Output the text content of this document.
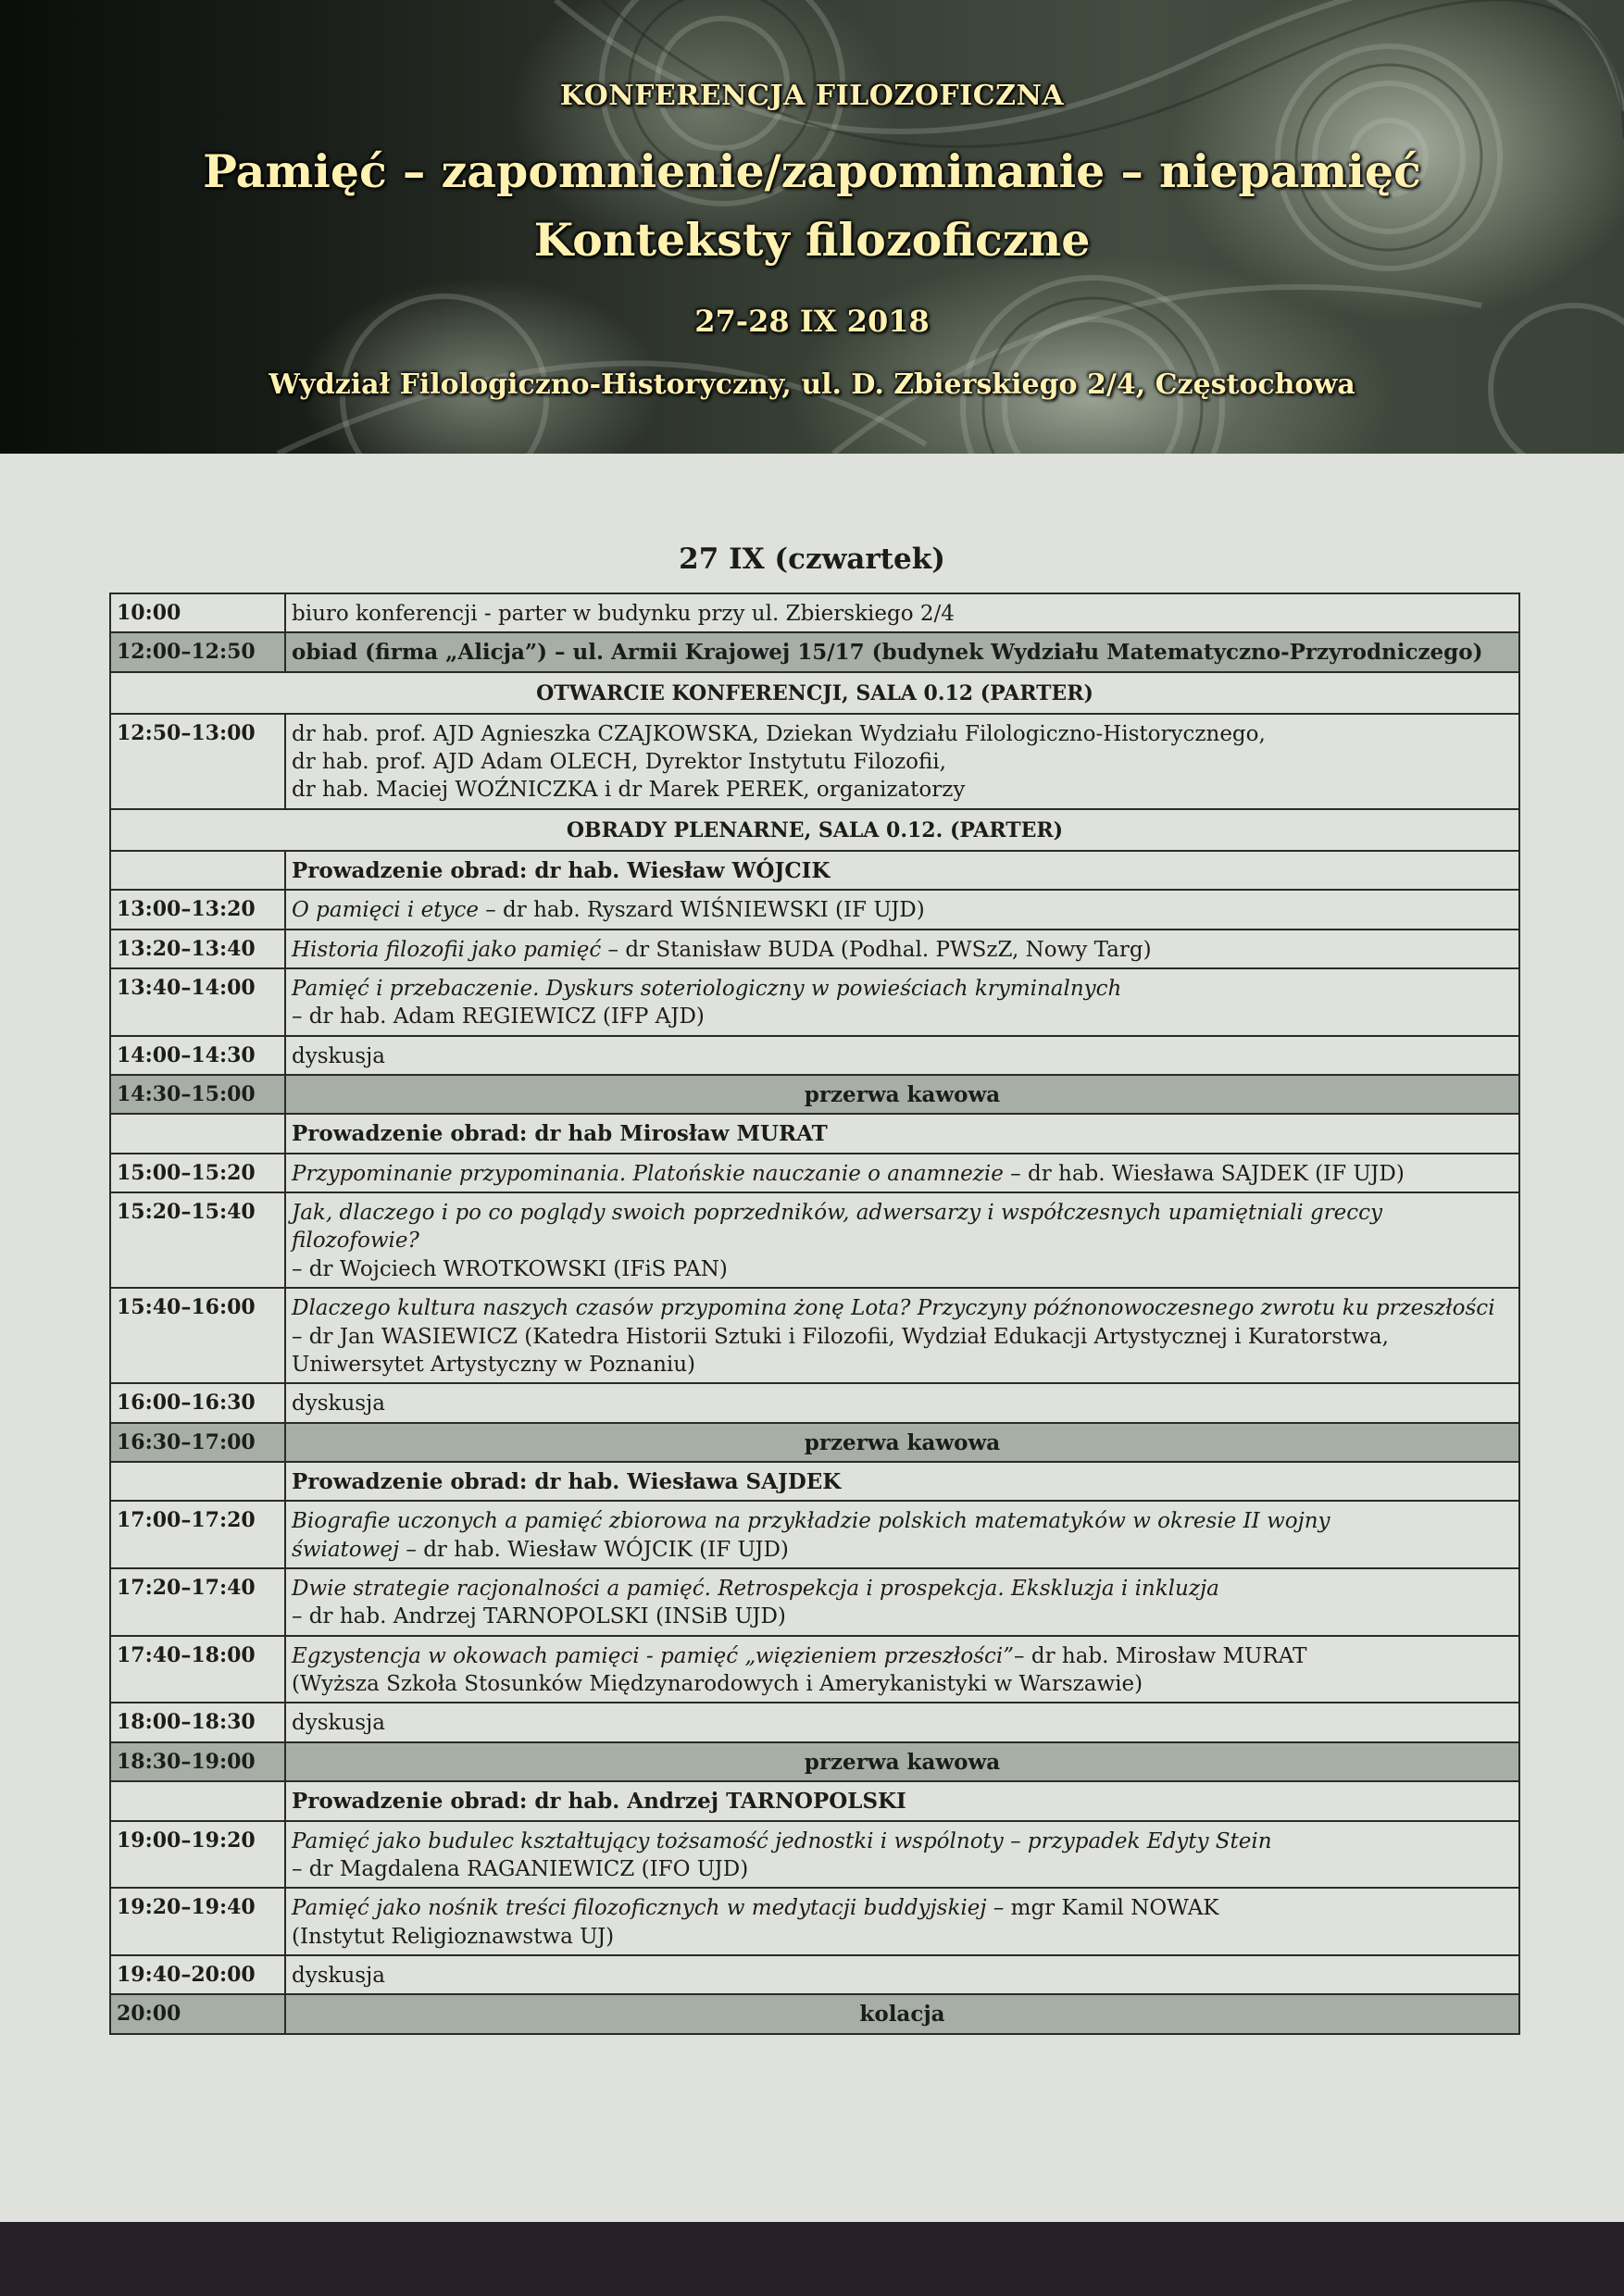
KONFERENCJA FILOZOFICZNA
Pamięć – zapomnienie/zapominanie – niepamięć
Konteksty filozoficzne
27-28 IX 2018
Wydział Filologiczno-Historyczny, ul. D. Zbierskiego 2/4, Częstochowa
27 IX (czwartek)
10:00	biuro konferencji - parter w budynku przy ul. Zbierskiego 2/4

12:00–12:50	obiad (firma „Alicja”) – ul. Armii Krajowej 15/17 (budynek Wydziału Matematyczno-Przyrodniczego)

OTWARCIE KONFERENCJI, SALA 0.12 (PARTER)	
12:50–13:00	dr hab. prof. AJD Agnieszka CZAJKOWSKA, Dziekan Wydziału Filologiczno-Historycznego,
dr hab. prof. AJD Adam OLECH, Dyrektor Instytutu Filozofii,
dr hab. Maciej WOŹNICZKA i dr Marek PEREK, organizatorzy

OBRADY PLENARNE, SALA 0.12. (PARTER)	

	Prowadzenie obrad: dr hab. Wiesław WÓJCIK

13:00–13:20	O pamięci i etyce – dr hab. Ryszard WIŚNIEWSKI (IF UJD)

13:20–13:40	Historia filozofii jako pamięć – dr Stanisław BUDA (Podhal. PWSzZ, Nowy Targ)

13:40–14:00	Pamięć i przebaczenie. Dyskurs soteriologiczny w powieściach kryminalnych
– dr hab. Adam REGIEWICZ (IFP AJD)

14:00–14:30	dyskusja

14:30–15:00	przerwa kawowa

	Prowadzenie obrad: dr hab Mirosław MURAT

15:00–15:20	Przypominanie przypominania. Platońskie nauczanie o anamnezie – dr hab. Wiesława SAJDEK (IF UJD)

15:20–15:40	Jak, dlaczego i po co poglądy swoich poprzedników, adwersarzy i współczesnych upamiętniali greccy filozofowie?
– dr Wojciech WROTKOWSKI (IFiS PAN)

15:40–16:00	Dlaczego kultura naszych czasów przypomina żonę Lota? Przyczyny późnonowoczesnego zwrotu ku przeszłości
– dr Jan WASIEWICZ (Katedra Historii Sztuki i Filozofii, Wydział Edukacji Artystycznej i Kuratorstwa,
Uniwersytet Artystyczny w Poznaniu)

16:00–16:30	dyskusja

16:30–17:00	przerwa kawowa

	Prowadzenie obrad: dr hab. Wiesława SAJDEK

17:00–17:20	Biografie uczonych a pamięć zbiorowa na przykładzie polskich matematyków w okresie II wojny
światowej – dr hab. Wiesław WÓJCIK (IF UJD)

17:20–17:40	Dwie strategie racjonalności a pamięć. Retrospekcja i prospekcja. Ekskluzja i inkluzja
– dr hab. Andrzej TARNOPOLSKI (INSiB UJD)

17:40–18:00	Egzystencja w okowach pamięci - pamięć „więzieniem przeszłości”– dr hab. Mirosław MURAT
(Wyższa Szkoła Stosunków Międzynarodowych i Amerykanistyki w Warszawie)

18:00–18:30	dyskusja

18:30–19:00	przerwa kawowa

	Prowadzenie obrad: dr hab. Andrzej TARNOPOLSKI

19:00–19:20	Pamięć jako budulec kształtujący tożsamość jednostki i wspólnoty – przypadek Edyty Stein
– dr Magdalena RAGANIEWICZ (IFO UJD)

19:20–19:40	Pamięć jako nośnik treści filozoficznych w medytacji buddyjskiej – mgr Kamil NOWAK
(Instytut Religioznawstwa UJ)

19:40–20:00	dyskusja

20:00	kolacja
